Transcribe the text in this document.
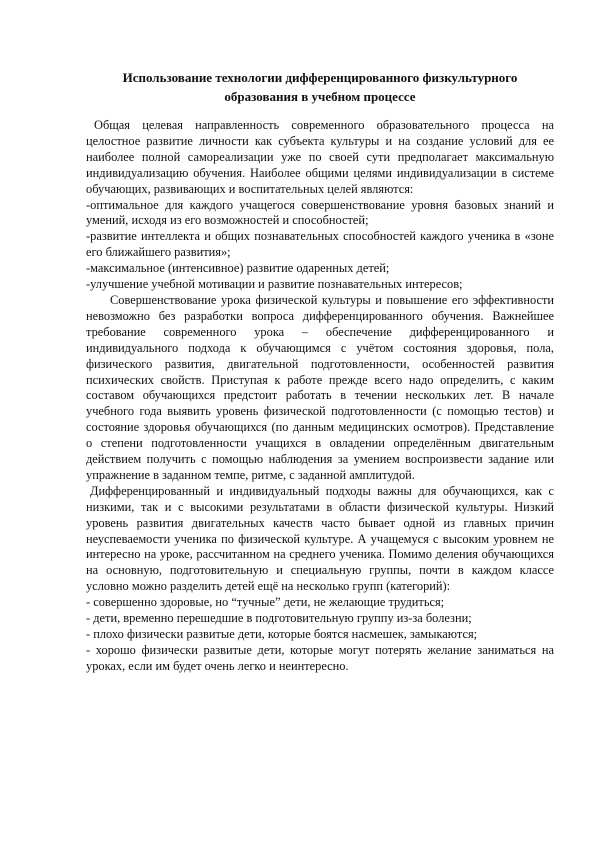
Использование технологии дифференцированного физкультурного
образования в учебном процессе

Общая целевая направленность современного образовательного процесса на целостное развитие личности как субъекта культуры и на создание условий для ее наиболее полной самореализации уже по своей сути предполагает максимальную индивидуализацию обучения. Наиболее общими целями индивидуализации в системе обучающих, развивающих и воспитательных целей являются:

-оптимальное для каждого учащегося совершенствование уровня базовых знаний и умений, исходя из его возможностей и способностей;

-развитие интеллекта и общих познавательных способностей каждого ученика в «зоне его ближайшего развития»;

-максимальное (интенсивное) развитие одаренных детей;

-улучшение учебной мотивации и развитие познавательных интересов;

Совершенствование урока физической культуры и повышение его эффективности невозможно без разработки вопроса дифференцированного обучения. Важнейшее требование современного урока – обеспечение дифференцированного и индивидуального подхода к обучающимся с учётом состояния здоровья, пола, физического развития, двигательной подготовленности, особенностей развития психических свойств. Приступая к работе прежде всего надо определить, с каким составом обучающихся предстоит работать в течении нескольких лет. В начале учебного года выявить уровень физической подготовленности (с помощью тестов) и состояние здоровья обучающихся (по данным медицинских осмотров). Представление о степени подготовленности учащихся в овладении определённым двигательным действием получить с помощью наблюдения за умением воспроизвести задание или упражнение в заданном темпе, ритме, с заданной амплитудой.

Дифференцированный и индивидуальный подходы важны для обучающихся, как с низкими, так и с высокими результатами в области физической культуры. Низкий уровень развития двигательных качеств часто бывает одной из главных причин неуспеваемости ученика по физической культуре. А учащемуся с высоким уровнем не интересно на уроке, рассчитанном на среднего ученика. Помимо деления обучающихся на основную, подготовительную и специальную группы, почти в каждом классе условно можно разделить детей ещё на несколько групп (категорий):

- совершенно здоровые, но “тучные” дети, не желающие трудиться;

- дети, временно перешедшие в подготовительную группу из-за болезни;

- плохо физически развитые дети, которые боятся насмешек, замыкаются;

- хорошо физически развитые дети, которые могут потерять желание заниматься на уроках, если им будет очень легко и неинтересно.
